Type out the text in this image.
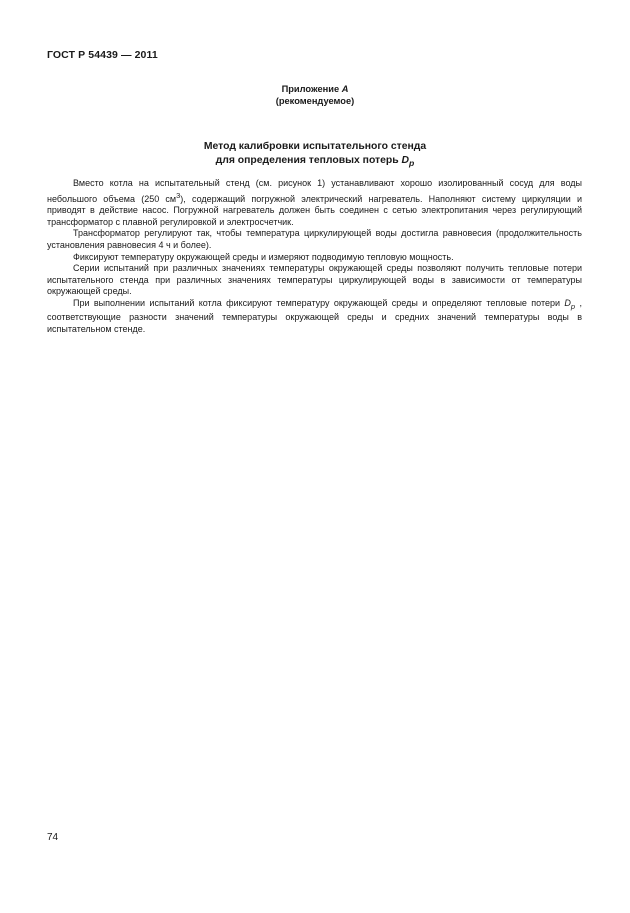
ГОСТ Р 54439 — 2011
Приложение А
(рекомендуемое)
Метод калибровки испытательного стенда
для определения тепловых потерь $D_p$

Вместо котла на испытательный стенд (см. рисунок 1) устанавливают хорошо изолированный сосуд для воды небольшого объема (250 $см^3$), содержащий погружной электрический нагреватель. Наполняют систему циркуляции и приводят в действие насос. Погружной нагреватель должен быть соединен с сетью электропитания через регулирующий трансформатор с плавной регулировкой и электросчетчик.

Трансформатор регулируют так, чтобы температура циркулирующей воды достигла равновесия (продолжительность установления равновесия 4 ч и более).

Фиксируют температуру окружающей среды и измеряют подводимую тепловую мощность.

Серии испытаний при различных значениях температуры окружающей среды позволяют получить тепловые потери испытательного стенда при различных значениях температуры циркулирующей воды в зависимости от температуры окружающей среды.

При выполнении испытаний котла фиксируют температуру окружающей среды и определяют тепловые потери $D_p$ , соответствующие разности значений температуры окружающей среды и средних значений температуры воды в испытательном стенде.

74
